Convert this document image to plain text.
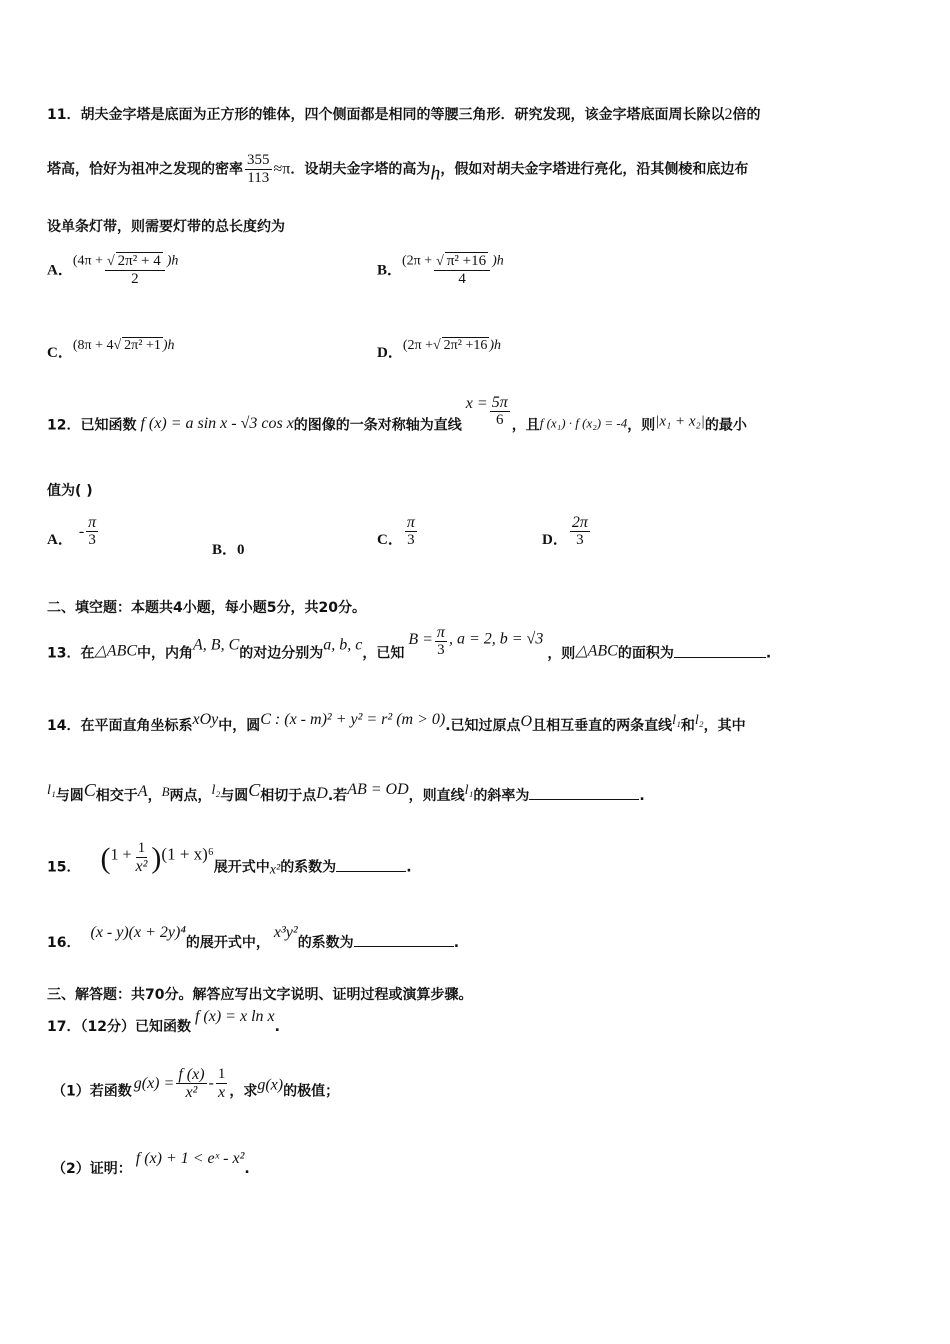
11．胡夫金字塔是底面为正方形的锥体，四个侧面都是相同的等腰三角形．研究发现，该金字塔底面周长除以2倍的
塔高，恰好为祖冲之发现的密率 $\frac{355}{113} \approx\pi$．设胡夫金字塔的高为h，假如对胡夫金字塔进行亮化，沿其侧棱和底边布
设单条灯带，则需要灯带的总长度约为
A．$(4\pi + \frac{\text{√ 2π² + 4}}{2} )h$
B．$(2\pi + \frac{\text{√ π² +16}}{4} )h$
C．(8π + 4√ 2π² +1 )h	D．(2π +√ 2π² +16 )h
12．已知函数 f (x) = a sin x - √3 cos x的图像的一条对称轴为直线$x = \frac{5\pi}{6}$ ，且f (x₁) · f (x₂) = -4，则|x₁ + x₂|的最小
值为( )
A． - $\frac{\pi}{3}$
B．0
C． $\frac{\pi}{3}$	D． $\frac{2\pi}{3}$
二、填空题：本题共4小题，每小题5分，共20分。
13．在△ABC中，内角A, B, C的对边分别为a, b, c，已知$B = \frac{\pi}{3}$ , a = 2, b = √3，则△ABC的面积为	.
14．在平面直角坐标系xOy中，圆C : (x - m)² + y² = r² (m > 0).已知过原点O且相互垂直的两条直线l₁和l₂，其中
l₁与圆C相交于A，B两点，l₂与圆C相切于点D.若AB = OD，则直线l₁的斜率为	.
15． $(1 + \frac{1}{\text{x²}} )(1 + x)^6$展开式中x²的系数为	.
16．(x - y)(x + 2y)⁴的展开式中，x³y²的系数为	.
三、解答题：共70分。解答应写出文字说明、证明过程或演算步骤。
17．（12分）已知函数f (x) = x ln x.
（1）若函数 $g(x) = \frac{f (x)}{\text{x²}} - \frac{1}{x}$ ，求g(x)的极值；
（2）证明：f (x) + 1 < eˣ - x².
